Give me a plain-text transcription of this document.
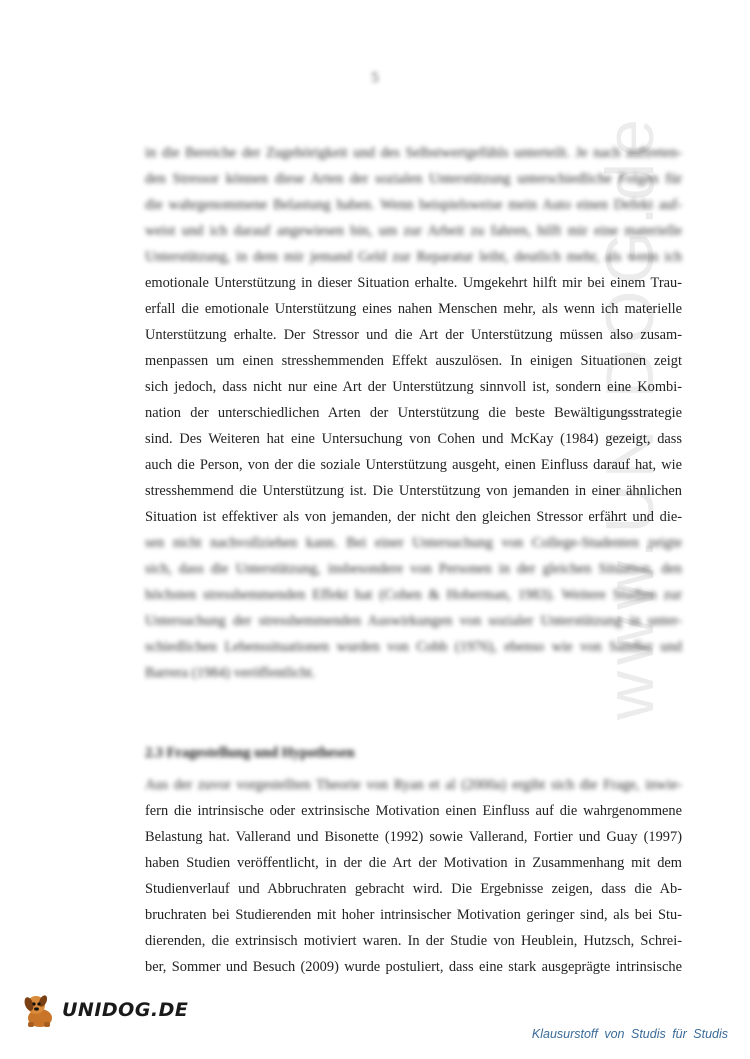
5
www.UNIDOG.de

in die Bereiche der Zugehörigkeit und des Selbstwertgefühls unterteilt. Je nach auftreten-

den Stressor können diese Arten der sozialen Unterstützung unterschiedliche Folgen für

die wahrgenommene Belastung haben. Wenn beispielsweise mein Auto einen Defekt auf-

weist und ich darauf angewiesen bin, um zur Arbeit zu fahren, hilft mir eine materielle

Unterstützung, in dem mir jemand Geld zur Reparatur leiht, deutlich mehr, als wenn ich

emotionale Unterstützung in dieser Situation erhalte. Umgekehrt hilft mir bei einem Trau-

erfall die emotionale Unterstützung eines nahen Menschen mehr, als wenn ich materielle

Unterstützung erhalte. Der Stressor und die Art der Unterstützung müssen also zusam-

menpassen um einen stresshemmenden Effekt auszulösen. In einigen Situationen zeigt

sich jedoch, dass nicht nur eine Art der Unterstützung sinnvoll ist, sondern eine Kombi-

nation der unterschiedlichen Arten der Unterstützung die beste Bewältigungsstrategie

sind. Des Weiteren hat eine Untersuchung von Cohen und McKay (1984) gezeigt, dass

auch die Person, von der die soziale Unterstützung ausgeht, einen Einfluss darauf hat, wie

stresshemmend die Unterstützung ist. Die Unterstützung von jemanden in einer ähnlichen

Situation ist effektiver als von jemanden, der nicht den gleichen Stressor erfährt und die-

sen nicht nachvollziehen kann. Bei einer Untersuchung von College-Studenten zeigte

sich, dass die Unterstützung, insbesondere von Personen in der gleichen Situation, den

höchsten stresshemmenden Effekt hat (Cohen & Hoberman, 1983). Weitere Studien zur

Untersuchung der stresshemmenden Auswirkungen von sozialer Unterstützung in unter-

schiedlichen Lebenssituationen wurden von Cobb (1976), ebenso wie von Sandler und

Barrera (1984) veröffentlicht.

2.3 Fragestellung und Hypothesen

Aus der zuvor vorgestellten Theorie von Ryan et al (2000a) ergibt sich die Frage, inwie-

fern die intrinsische oder extrinsische Motivation einen Einfluss auf die wahrgenommene

Belastung hat. Vallerand und Bisonette (1992) sowie Vallerand, Fortier und Guay (1997)

haben Studien veröffentlicht, in der die Art der Motivation in Zusammenhang mit dem

Studienverlauf und Abbruchraten gebracht wird. Die Ergebnisse zeigen, dass die Ab-

bruchraten bei Studierenden mit hoher intrinsischer Motivation geringer sind, als bei Stu-

dierenden, die extrinsisch motiviert waren. In der Studie von Heublein, Hutzsch, Schrei-

ber, Sommer und Besuch (2009) wurde postuliert, dass eine stark ausgeprägte intrinsische

UNIDOG.DE
Klausurstoff von Studis für Studis
